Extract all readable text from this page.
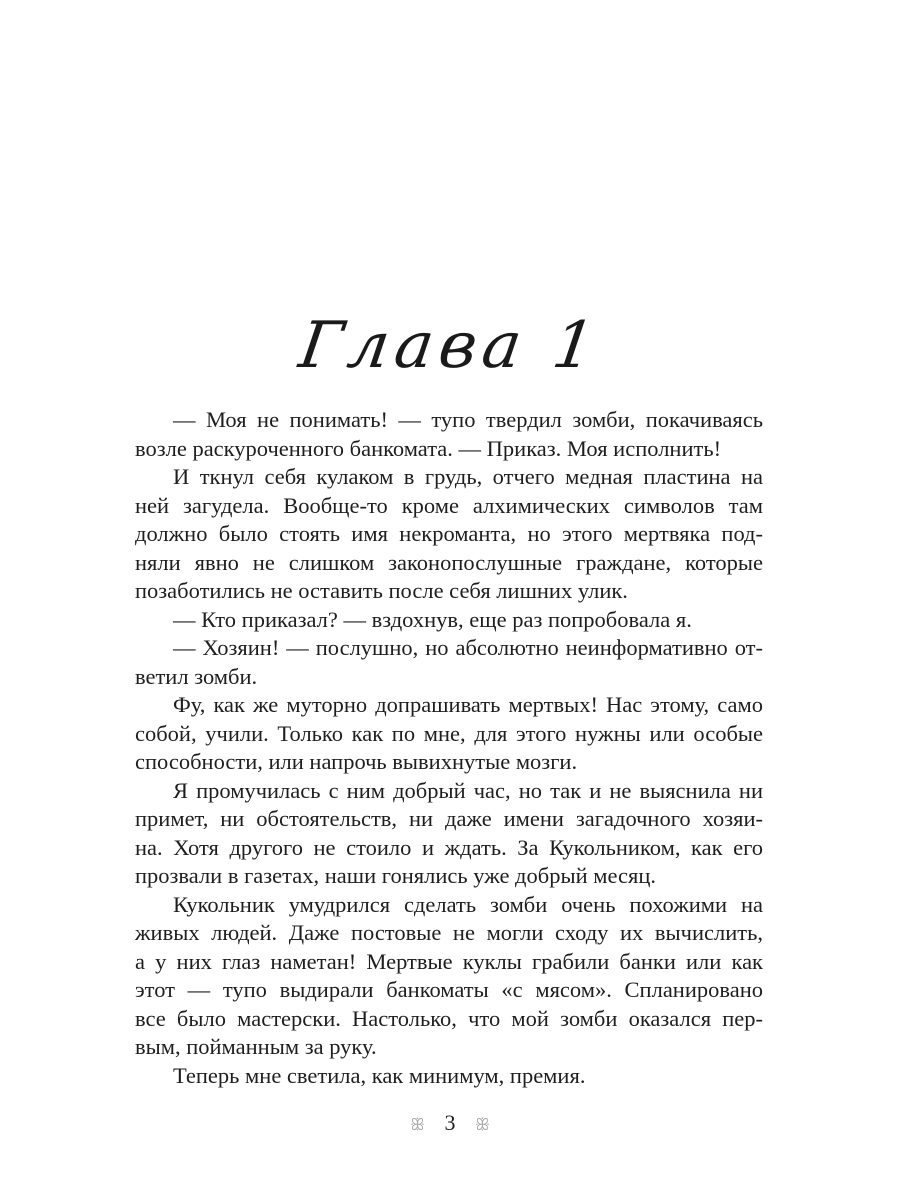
Глава 1
— Моя не понимать! — тупо твердил зомби, покачиваясь
возле раскуроченного банкомата. — Приказ. Моя исполнить!
И ткнул себя кулаком в грудь, отчего медная пластина на
ней загудела. Вообще-то кроме алхимических символов там
должно было стоять имя некроманта, но этого мертвяка под-
няли явно не слишком законопослушные граждане, которые
позаботились не оставить после себя лишних улик.
— Кто приказал? — вздохнув, еще раз попробовала я.
— Хозяин! — послушно, но абсолютно неинформативно от-
ветил зомби.
Фу, как же муторно допрашивать мертвых! Нас этому, само
собой, учили. Только как по мне, для этого нужны или особые
способности, или напрочь вывихнутые мозги.
Я промучилась с ним добрый час, но так и не выяснила ни
примет, ни обстоятельств, ни даже имени загадочного хозяи-
на. Хотя другого не стоило и ждать. За Кукольником, как его
прозвали в газетах, наши гонялись уже добрый месяц.
Кукольник умудрился сделать зомби очень похожими на
живых людей. Даже постовые не могли сходу их вычислить,
а у них глаз наметан! Мертвые куклы грабили банки или как
этот — тупо выдирали банкоматы «с мясом». Спланировано
все было мастерски. Настолько, что мой зомби оказался пер-
вым, пойманным за руку.
Теперь мне светила, как минимум, премия.
ꕥ 3 ꕥ
